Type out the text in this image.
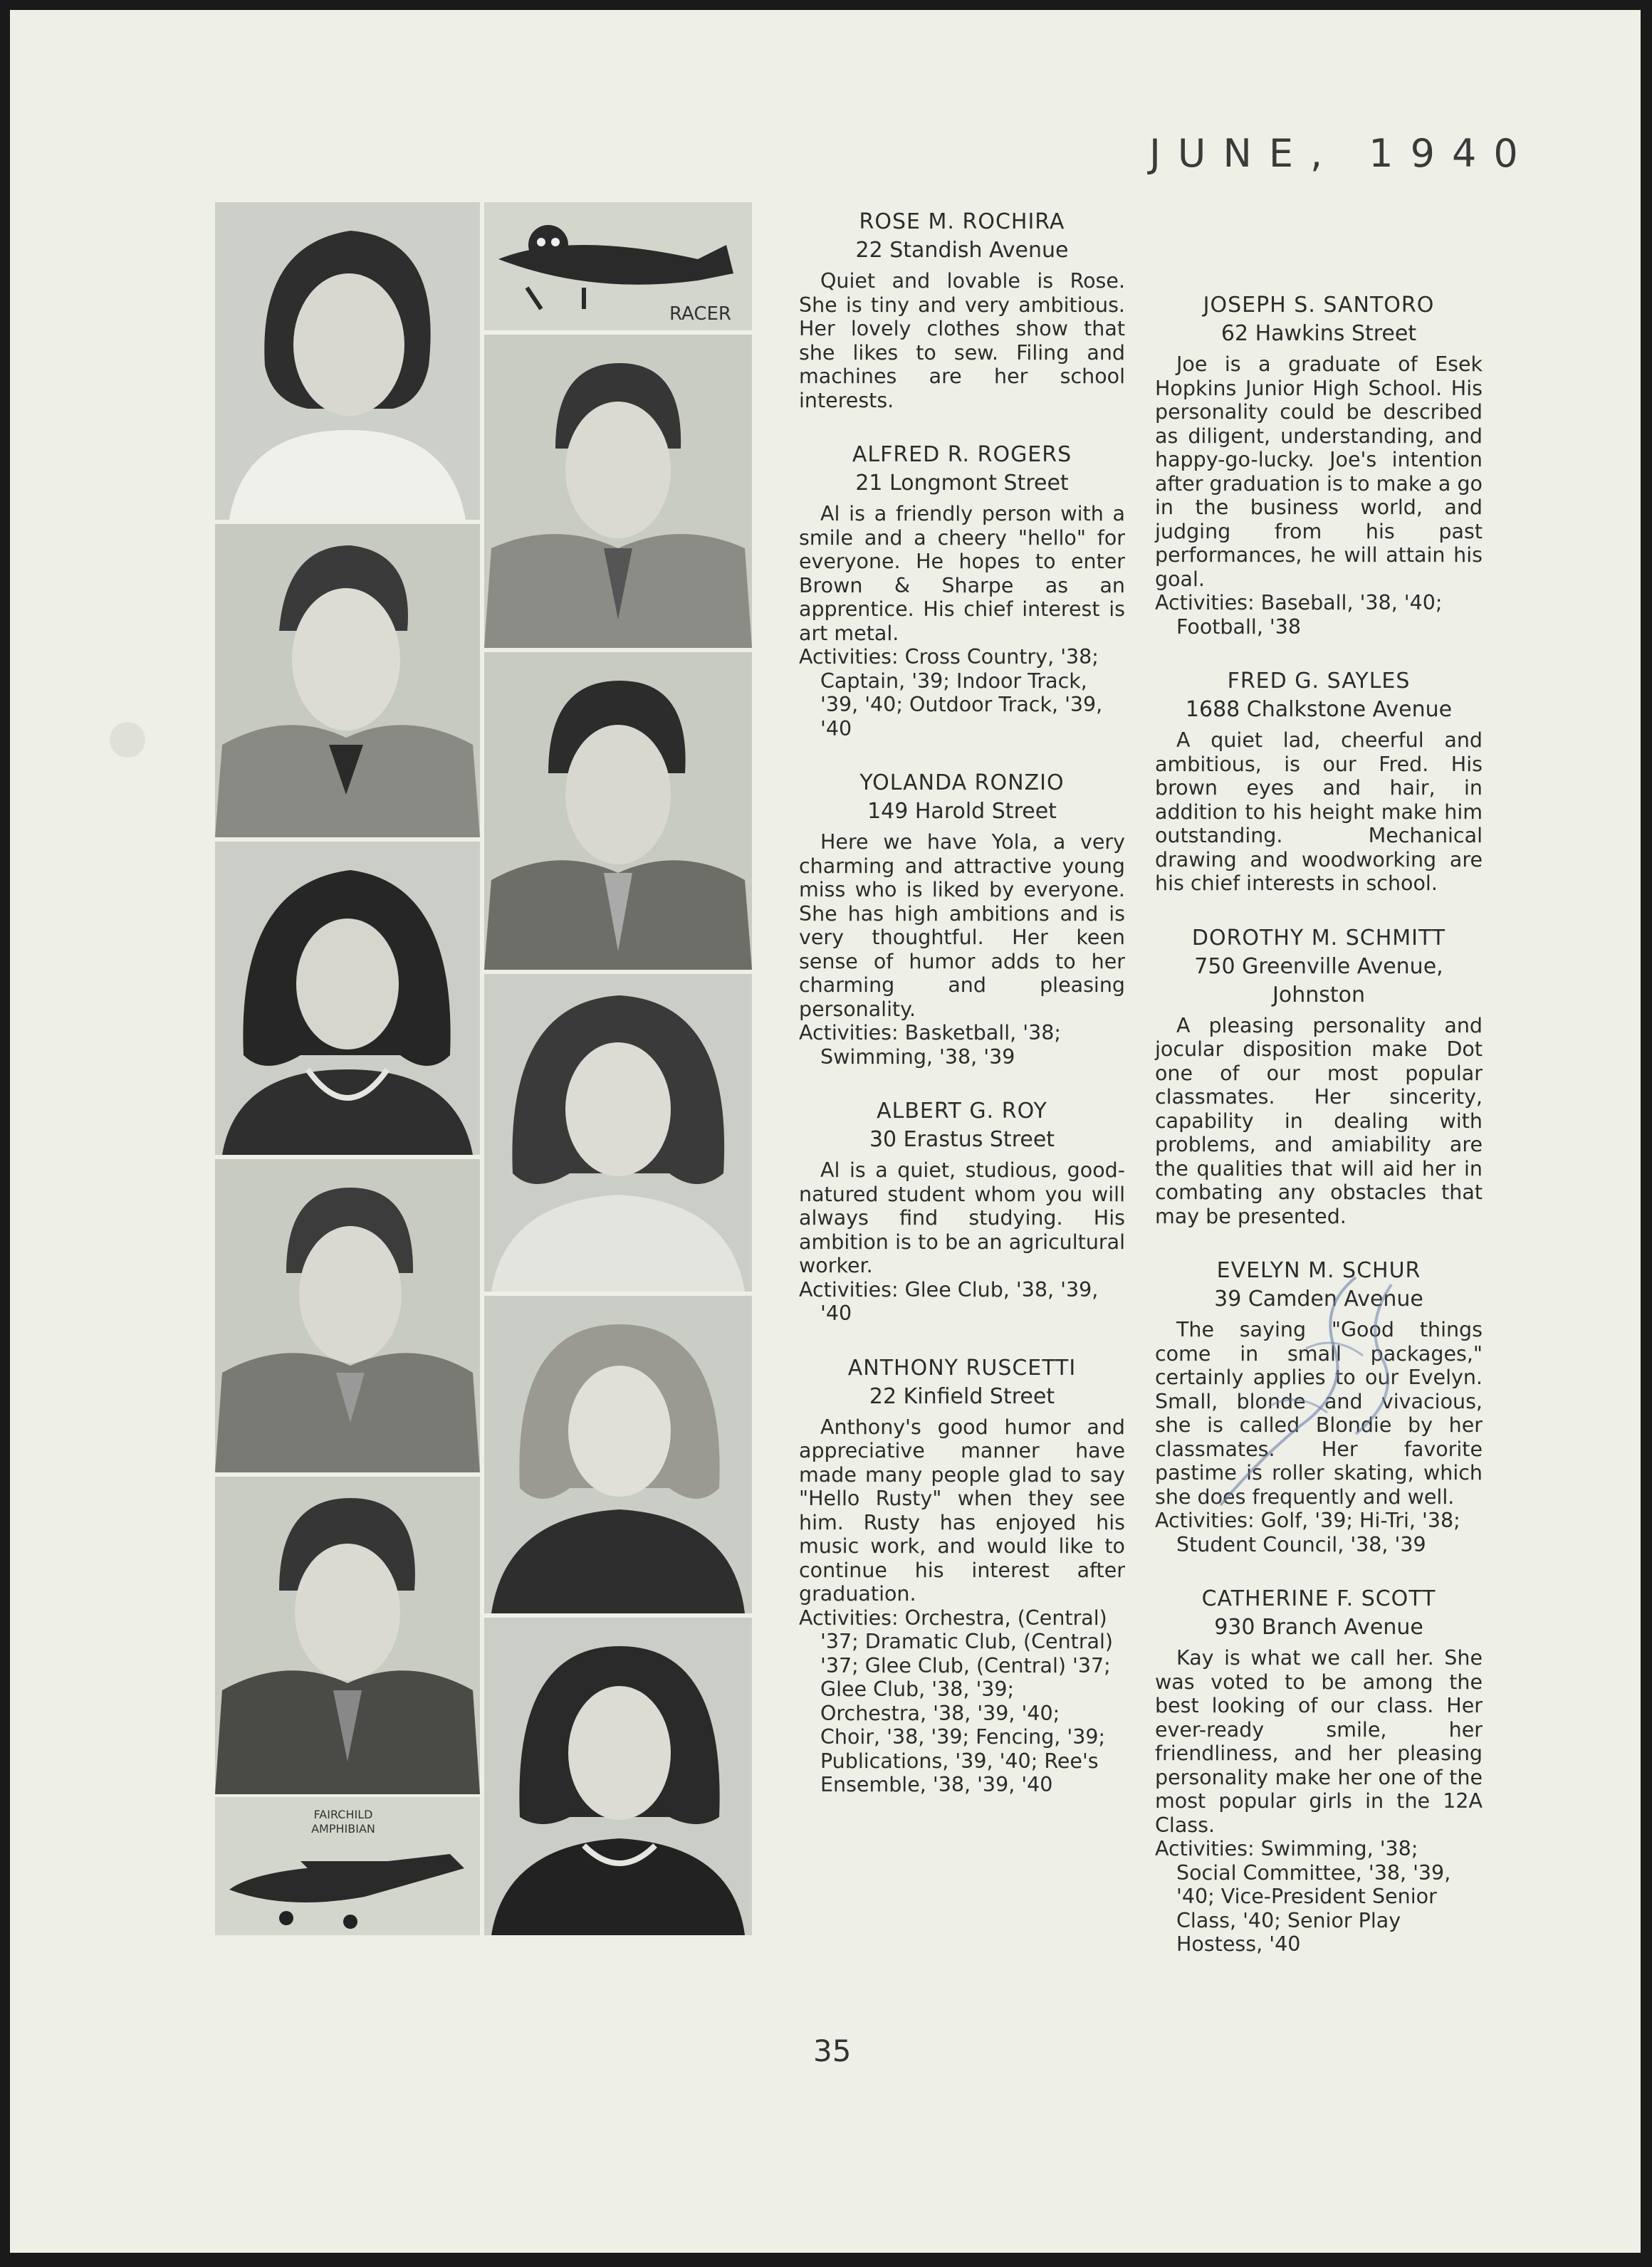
JUNE, 1940
FAIRCHILD
AMPHIBIAN
RACER
ROSE M. ROCHIRA
22 Standish Avenue
Quiet and lovable is Rose. She is tiny and very ambitious. Her lovely clothes show that she likes to sew. Filing and machines are her school interests.
ALFRED R. ROGERS
21 Longmont Street
Al is a friendly person with a smile and a cheery "hello" for everyone. He hopes to enter Brown & Sharpe as an apprentice. His chief interest is art metal.
Activities: Cross Country, '38; Captain, '39; Indoor Track, '39, '40; Outdoor Track, '39, '40
YOLANDA RONZIO
149 Harold Street
Here we have Yola, a very charming and attractive young miss who is liked by everyone. She has high ambitions and is very thoughtful. Her keen sense of humor adds to her charming and pleasing personality.
Activities: Basketball, '38; Swimming, '38, '39
ALBERT G. ROY
30 Erastus Street
Al is a quiet, studious, good-natured student whom you will always find studying. His ambition is to be an agricultural worker.
Activities: Glee Club, '38, '39, '40
ANTHONY RUSCETTI
22 Kinfield Street
Anthony's good humor and appreciative manner have made many people glad to say "Hello Rusty" when they see him. Rusty has enjoyed his music work, and would like to continue his interest after graduation.
Activities: Orchestra, (Central) '37; Dramatic Club, (Central) '37; Glee Club, (Central) '37; Glee Club, '38, '39; Orchestra, '38, '39, '40; Choir, '38, '39; Fencing, '39; Publications, '39, '40; Ree's Ensemble, '38, '39, '40
JOSEPH S. SANTORO
62 Hawkins Street
Joe is a graduate of Esek Hopkins Junior High School. His personality could be described as diligent, understanding, and happy-go-lucky. Joe's intention after graduation is to make a go in the business world, and judging from his past performances, he will attain his goal.
Activities: Baseball, '38, '40; Football, '38
FRED G. SAYLES
1688 Chalkstone Avenue
A quiet lad, cheerful and ambitious, is our Fred. His brown eyes and hair, in addition to his height make him outstanding. Mechanical drawing and woodworking are his chief interests in school.
DOROTHY M. SCHMITT
750 Greenville Avenue,
Johnston
A pleasing personality and jocular disposition make Dot one of our most popular classmates. Her sincerity, capability in dealing with problems, and amiability are the qualities that will aid her in combating any obstacles that may be presented.
EVELYN M. SCHUR
39 Camden Avenue
The saying "Good things come in small packages," certainly applies to our Evelyn. Small, blonde and vivacious, she is called Blondie by her classmates. Her favorite pastime is roller skating, which she does frequently and well.
Activities: Golf, '39; Hi-Tri, '38; Student Council, '38, '39
CATHERINE F. SCOTT
930 Branch Avenue
Kay is what we call her. She was voted to be among the best looking of our class. Her ever-ready smile, her friendliness, and her pleasing personality make her one of the most popular girls in the 12A Class.
Activities: Swimming, '38; Social Committee, '38, '39, '40; Vice-President Senior Class, '40; Senior Play Hostess, '40
35
